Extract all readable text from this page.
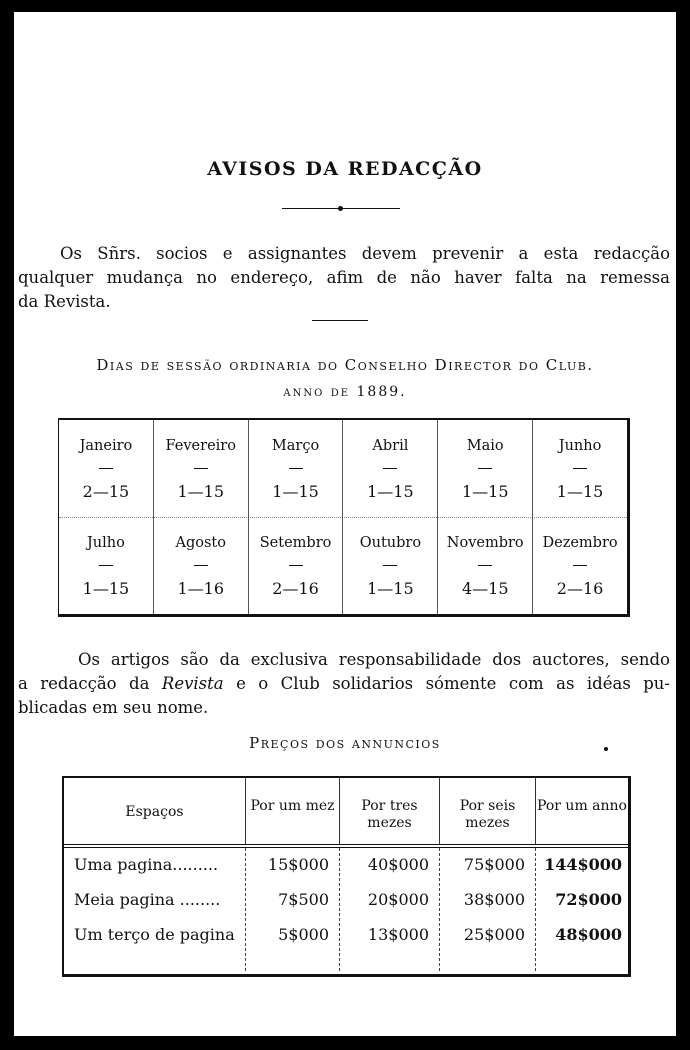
AVISOS DA REDACÇÃO
Os Sñrs. socios e assignantes devem prevenir a esta redacção
qualquer mudança no endereço, afim de não haver falta na remessa
da Revista.
Dias de sessão ordinaria do Conselho Director do Club.
anno de 1889.
Janeiro
2—15
Fevereiro
1—15
Março
1—15
Abril
1—15
Maio
1—15
Junho
1—15
Julho
1—15
Agosto
1—16
Setembro
2—16
Outubro
1—15
Novembro
4—15
Dezembro
2—16
Os artigos são da exclusiva responsabilidade dos auctores, sendo
a redacção da Revista e o Club solidarios sómente com as idéas pu-
blicadas em seu nome.
Preços dos annuncios
Espaços	Por um mez	Por tres mezes
Por seis mezes
Por um anno
Uma pagina.........
Meia pagina ........
Um terço de pagina
15$000
7$500
5$000
40$000
20$000
13$000
75$000
38$000
25$000
144$000
72$000
48$000
